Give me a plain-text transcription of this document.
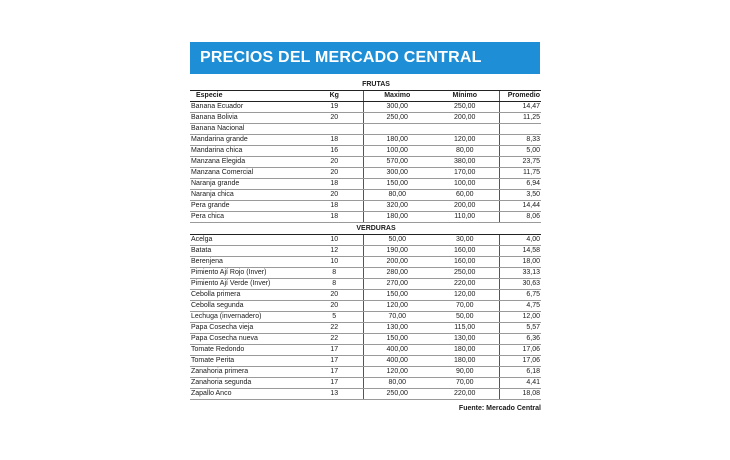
PRECIOS DEL MERCADO CENTRAL
FRUTAS				
Especie	Kg	Maximo	Mínimo	Promedio
Banana Ecuador	19	300,00	250,00	14,47
Banana Bolivia	20	250,00	200,00	11,25
Banana Nacional				
Mandarina grande	18	180,00	120,00	8,33
Mandarina chica	16	100,00	80,00	5,00
Manzana Elegida	20	570,00	380,00	23,75
Manzana Comercial	20	300,00	170,00	11,75
Naranja grande	18	150,00	100,00	6,94
Naranja chica	20	80,00	60,00	3,50
Pera grande	18	320,00	200,00	14,44
Pera chica	18	180,00	110,00	8,06
VERDURAS				
Acelga	10	50,00	30,00	4,00
Batata	12	190,00	160,00	14,58
Berenjena	10	200,00	160,00	18,00
Pimiento Ají Rojo (Inver)	8	280,00	250,00	33,13
Pimiento Ají Verde (Inver)	8	270,00	220,00	30,63
Cebolla primera	20	150,00	120,00	6,75
Cebolla segunda	20	120,00	70,00	4,75
Lechuga (invernadero)	5	70,00	50,00	12,00
Papa Cosecha vieja	22	130,00	115,00	5,57
Papa Cosecha nueva	22	150,00	130,00	6,36
Tomate Redondo	17	400,00	180,00	17,06
Tomate Perita	17	400,00	180,00	17,06
Zanahoria primera	17	120,00	90,00	6,18
Zanahoria segunda	17	80,00	70,00	4,41
Zapallo Anco	13	250,00	220,00	18,08
Fuente: Mercado Central
